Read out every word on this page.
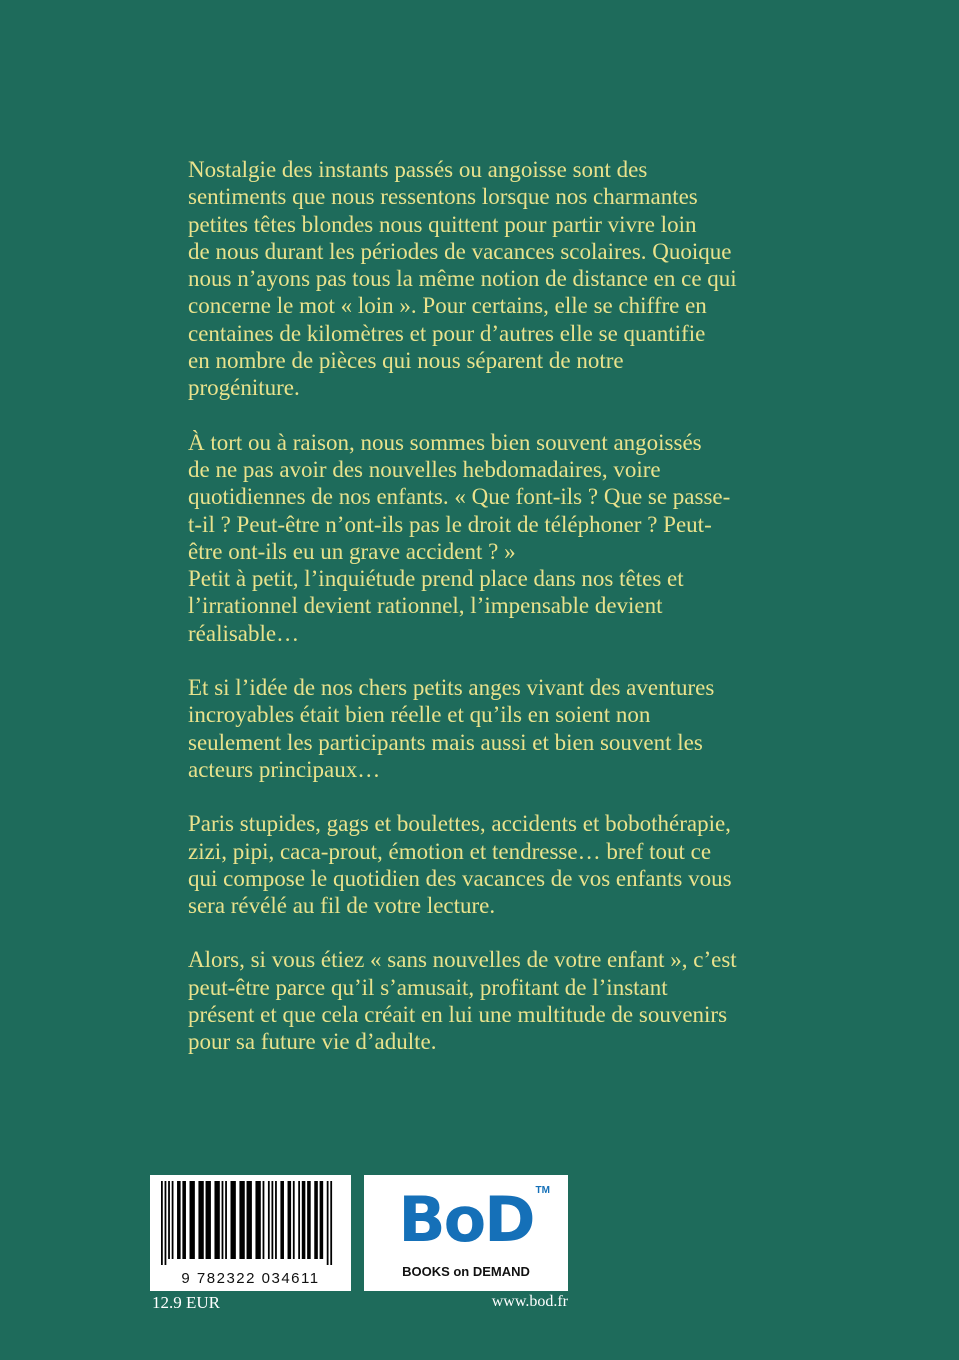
Nostalgie des instants passés ou angoisse sont des
sentiments que nous ressentons lorsque nos charmantes
petites têtes blondes nous quittent pour partir vivre loin
de nous durant les périodes de vacances scolaires. Quoique
nous n’ayons pas tous la même notion de distance en ce qui
concerne le mot « loin ». Pour certains, elle se chiffre en
centaines de kilomètres et pour d’autres elle se quantifie
en nombre de pièces qui nous séparent de notre
progéniture.

À tort ou à raison, nous sommes bien souvent angoissés
de ne pas avoir des nouvelles hebdomadaires, voire
quotidiennes de nos enfants. « Que font-ils ? Que se passe-
t-il ? Peut-être n’ont-ils pas le droit de téléphoner ? Peut-
être ont-ils eu un grave accident ? »

Petit à petit, l’inquiétude prend place dans nos têtes et
l’irrationnel devient rationnel, l’impensable devient
réalisable…

Et si l’idée de nos chers petits anges vivant des aventures
incroyables était bien réelle et qu’ils en soient non
seulement les participants mais aussi et bien souvent les
acteurs principaux…

Paris stupides, gags et boulettes, accidents et bobothérapie,
zizi, pipi, caca-prout, émotion et tendresse… bref tout ce
qui compose le quotidien des vacances de vos enfants vous
sera révélé au fil de votre lecture.

Alors, si vous étiez « sans nouvelles de votre enfant », c’est
peut-être parce qu’il s’amusait, profitant de l’instant
présent et que cela créait en lui une multitude de souvenirs
pour sa future vie d’adulte.

9 782322 034611
BoD TM
BOOKS on DEMAND
12.9 EUR	www.bod.fr
